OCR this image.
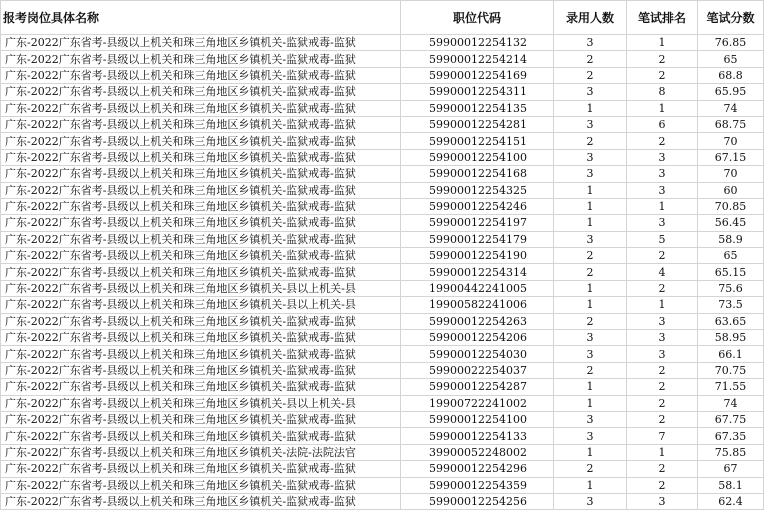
报考岗位具体名称	职位代码	录用人数	笔试排名	笔试分数
广东-2022广东省考-县级以上机关和珠三角地区乡镇机关-监狱戒毒-监狱	59900012254132	3	1	76.85
广东-2022广东省考-县级以上机关和珠三角地区乡镇机关-监狱戒毒-监狱	59900012254214	2	2	65
广东-2022广东省考-县级以上机关和珠三角地区乡镇机关-监狱戒毒-监狱	59900012254169	2	2	68.8
广东-2022广东省考-县级以上机关和珠三角地区乡镇机关-监狱戒毒-监狱	59900012254311	3	8	65.95
广东-2022广东省考-县级以上机关和珠三角地区乡镇机关-监狱戒毒-监狱	59900012254135	1	1	74
广东-2022广东省考-县级以上机关和珠三角地区乡镇机关-监狱戒毒-监狱	59900012254281	3	6	68.75
广东-2022广东省考-县级以上机关和珠三角地区乡镇机关-监狱戒毒-监狱	59900012254151	2	2	70
广东-2022广东省考-县级以上机关和珠三角地区乡镇机关-监狱戒毒-监狱	59900012254100	3	3	67.15
广东-2022广东省考-县级以上机关和珠三角地区乡镇机关-监狱戒毒-监狱	59900012254168	3	3	70
广东-2022广东省考-县级以上机关和珠三角地区乡镇机关-监狱戒毒-监狱	59900012254325	1	3	60
广东-2022广东省考-县级以上机关和珠三角地区乡镇机关-监狱戒毒-监狱	59900012254246	1	1	70.85
广东-2022广东省考-县级以上机关和珠三角地区乡镇机关-监狱戒毒-监狱	59900012254197	1	3	56.45
广东-2022广东省考-县级以上机关和珠三角地区乡镇机关-监狱戒毒-监狱	59900012254179	3	5	58.9
广东-2022广东省考-县级以上机关和珠三角地区乡镇机关-监狱戒毒-监狱	59900012254190	2	2	65
广东-2022广东省考-县级以上机关和珠三角地区乡镇机关-监狱戒毒-监狱	59900012254314	2	4	65.15
广东-2022广东省考-县级以上机关和珠三角地区乡镇机关-县以上机关-县	19900442241005	1	2	75.6
广东-2022广东省考-县级以上机关和珠三角地区乡镇机关-县以上机关-县	19900582241006	1	1	73.5
广东-2022广东省考-县级以上机关和珠三角地区乡镇机关-监狱戒毒-监狱	59900012254263	2	3	63.65
广东-2022广东省考-县级以上机关和珠三角地区乡镇机关-监狱戒毒-监狱	59900012254206	3	3	58.95
广东-2022广东省考-县级以上机关和珠三角地区乡镇机关-监狱戒毒-监狱	59900012254030	3	3	66.1
广东-2022广东省考-县级以上机关和珠三角地区乡镇机关-监狱戒毒-监狱	59900022254037	2	2	70.75
广东-2022广东省考-县级以上机关和珠三角地区乡镇机关-监狱戒毒-监狱	59900012254287	1	2	71.55
广东-2022广东省考-县级以上机关和珠三角地区乡镇机关-县以上机关-县	19900722241002	1	2	74
广东-2022广东省考-县级以上机关和珠三角地区乡镇机关-监狱戒毒-监狱	59900012254100	3	2	67.75
广东-2022广东省考-县级以上机关和珠三角地区乡镇机关-监狱戒毒-监狱	59900012254133	3	7	67.35
广东-2022广东省考-县级以上机关和珠三角地区乡镇机关-法院-法院法官	39900052248002	1	1	75.85
广东-2022广东省考-县级以上机关和珠三角地区乡镇机关-监狱戒毒-监狱	59900012254296	2	2	67
广东-2022广东省考-县级以上机关和珠三角地区乡镇机关-监狱戒毒-监狱	59900012254359	1	2	58.1
广东-2022广东省考-县级以上机关和珠三角地区乡镇机关-监狱戒毒-监狱	59900012254256	3	3	62.4
